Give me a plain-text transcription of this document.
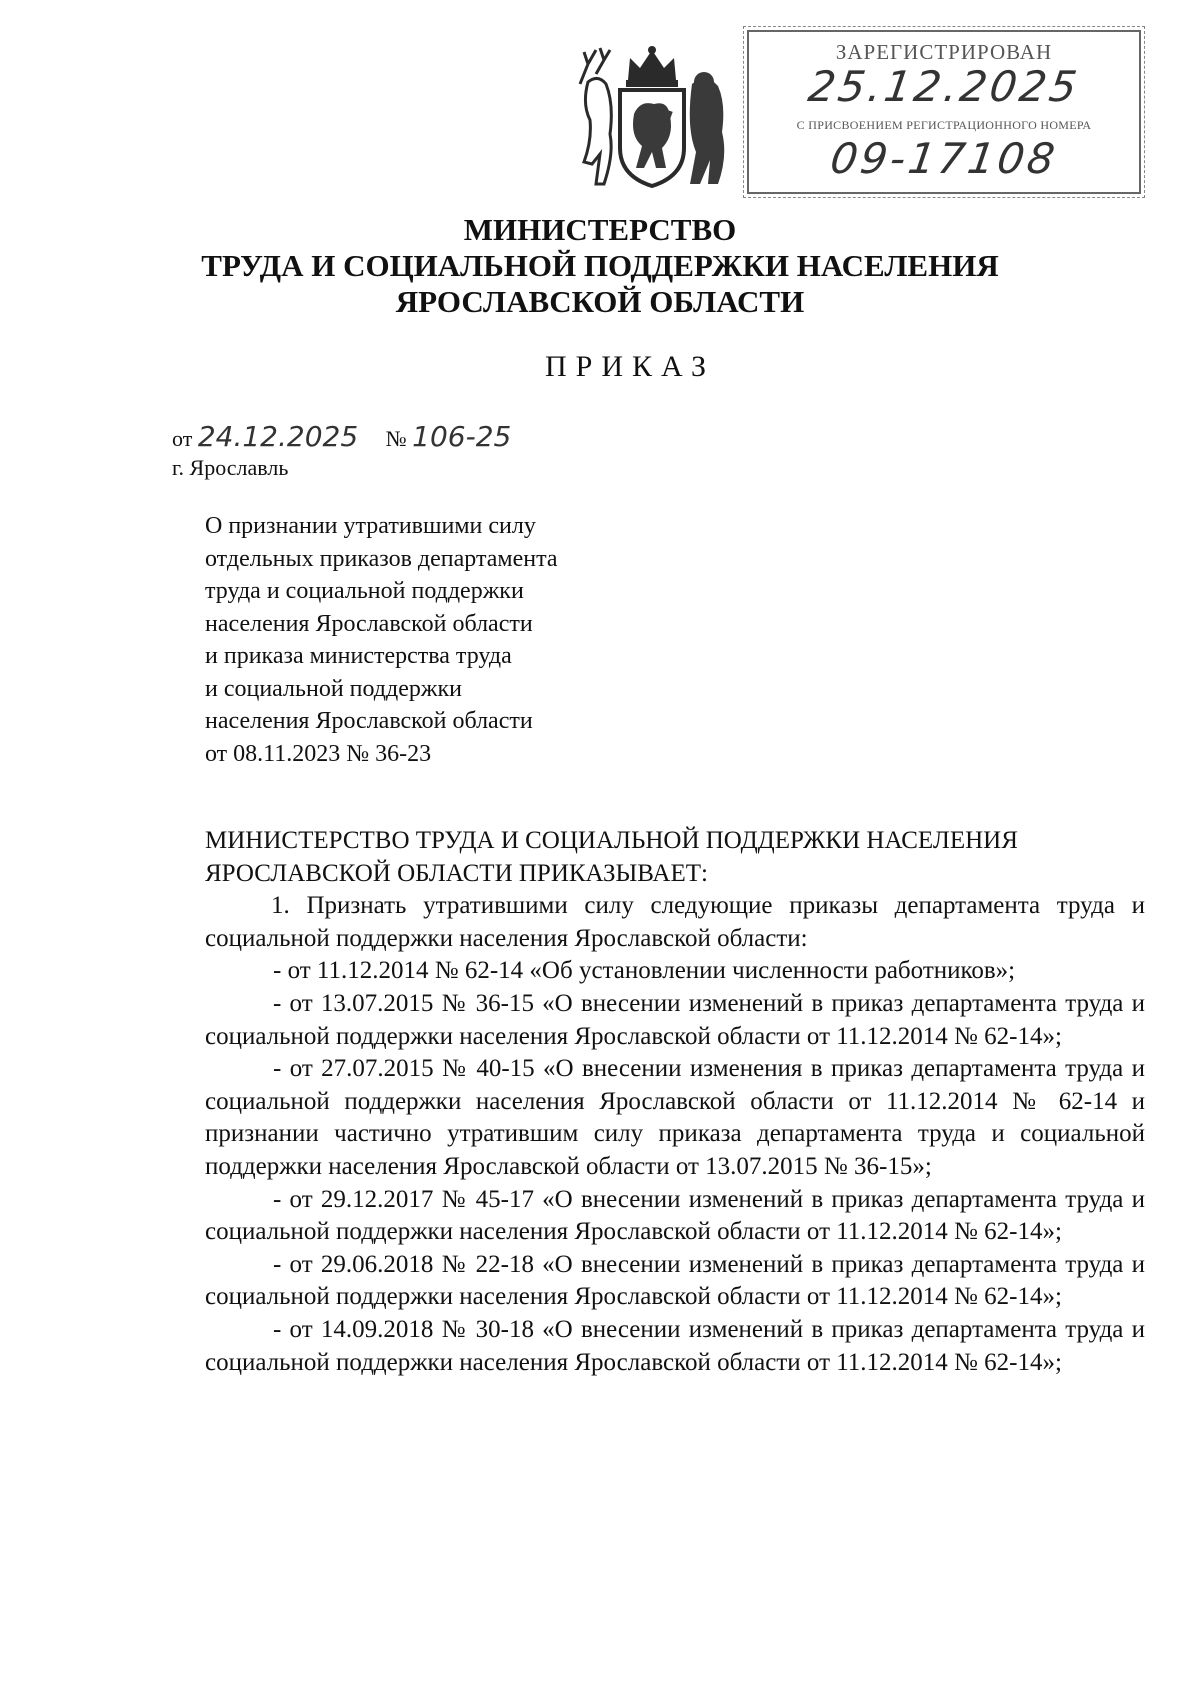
ЗАРЕГИСТРИРОВАН
25.12.2025
С ПРИСВОЕНИЕМ РЕГИСТРАЦИОННОГО НОМЕРА
09-17108
МИНИСТЕРСТВО
ТРУДА И СОЦИАЛЬНОЙ ПОДДЕРЖКИ НАСЕЛЕНИЯ
ЯРОСЛАВСКОЙ ОБЛАСТИ
ПРИКАЗ
от 24.12.2025 № 106-25
г. Ярославль
О признании утратившими силу
отдельных приказов департамента
труда и социальной поддержки
населения Ярославской области
и приказа министерства труда
и социальной поддержки
населения Ярославской области
от 08.11.2023 № 36-23
МИНИСТЕРСТВО ТРУДА И СОЦИАЛЬНОЙ ПОДДЕРЖКИ НАСЕЛЕНИЯ
ЯРОСЛАВСКОЙ ОБЛАСТИ ПРИКАЗЫВАЕТ:

1. Признать утратившими силу следующие приказы департамента труда и социальной поддержки населения Ярославской области:

- от 11.12.2014 № 62-14 «Об установлении численности работников»;

- от 13.07.2015 № 36-15 «О внесении изменений в приказ департамента труда и социальной поддержки населения Ярославской области от 11.12.2014 № 62-14»;

- от 27.07.2015 № 40-15 «О внесении изменения в приказ департамента труда и социальной поддержки населения Ярославской области от 11.12.2014 № 62-14 и признании частично утратившим силу приказа департамента труда и социальной поддержки населения Ярославской области от 13.07.2015 № 36-15»;

- от 29.12.2017 № 45-17 «О внесении изменений в приказ департамента труда и социальной поддержки населения Ярославской области от 11.12.2014 № 62-14»;

- от 29.06.2018 № 22-18 «О внесении изменений в приказ департамента труда и социальной поддержки населения Ярославской области от 11.12.2014 № 62-14»;

- от 14.09.2018 № 30-18 «О внесении изменений в приказ департамента труда и социальной поддержки населения Ярославской области от 11.12.2014 № 62-14»;
